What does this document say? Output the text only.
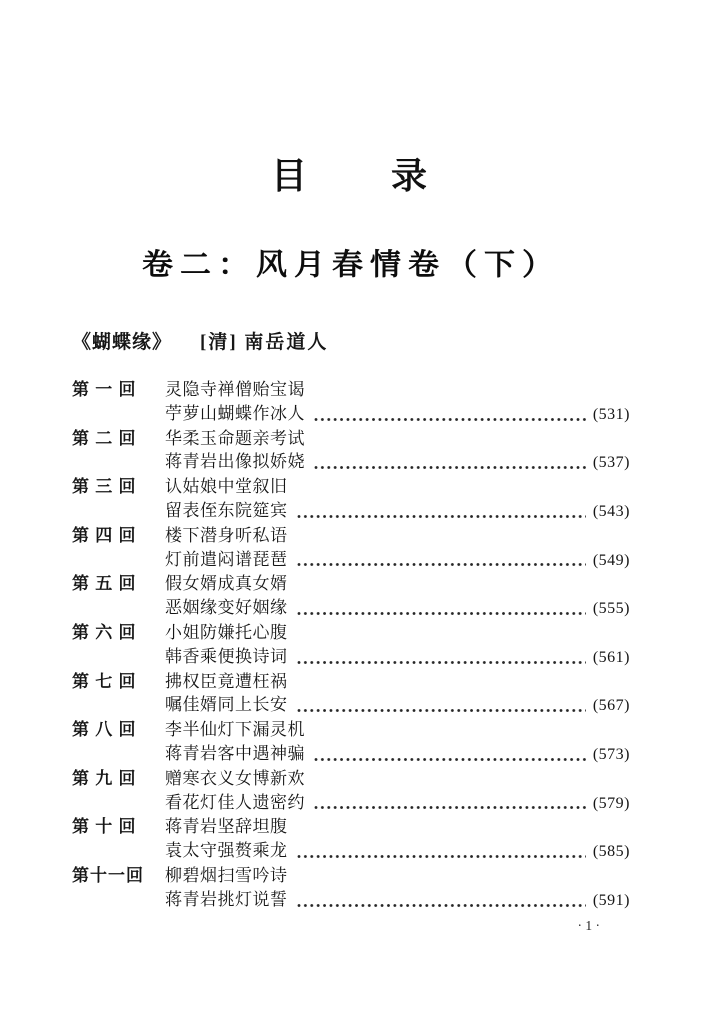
目　　录
卷二：风月春情卷（下）
《蝴蝶缘》 [清] 南岳道人
第 一 回	灵隐寺禅僧贻宝谒
苧萝山蝴蝶作冰人	(531)
第 二 回	华柔玉命题亲考试
蒋青岩出像拟娇娆	(537)
第 三 回	认姑娘中堂叙旧
留表侄东院筵宾	(543)
第 四 回	楼下潜身听私语
灯前遣闷谱琵琶	(549)
第 五 回	假女婿成真女婿
恶姻缘变好姻缘	(555)
第 六 回	小姐防嫌托心腹
韩香乘便换诗词	(561)
第 七 回	拂权臣竟遭枉祸
嘱佳婿同上长安	(567)
第 八 回	李半仙灯下漏灵机
蒋青岩客中遇神骗	(573)
第 九 回	赠寒衣义女博新欢
看花灯佳人遗密约	(579)
第 十 回	蒋青岩坚辞坦腹
袁太守强赘乘龙	(585)
第十一回	柳碧烟扫雪吟诗
蒋青岩挑灯说誓	(591)
· 1 ·
